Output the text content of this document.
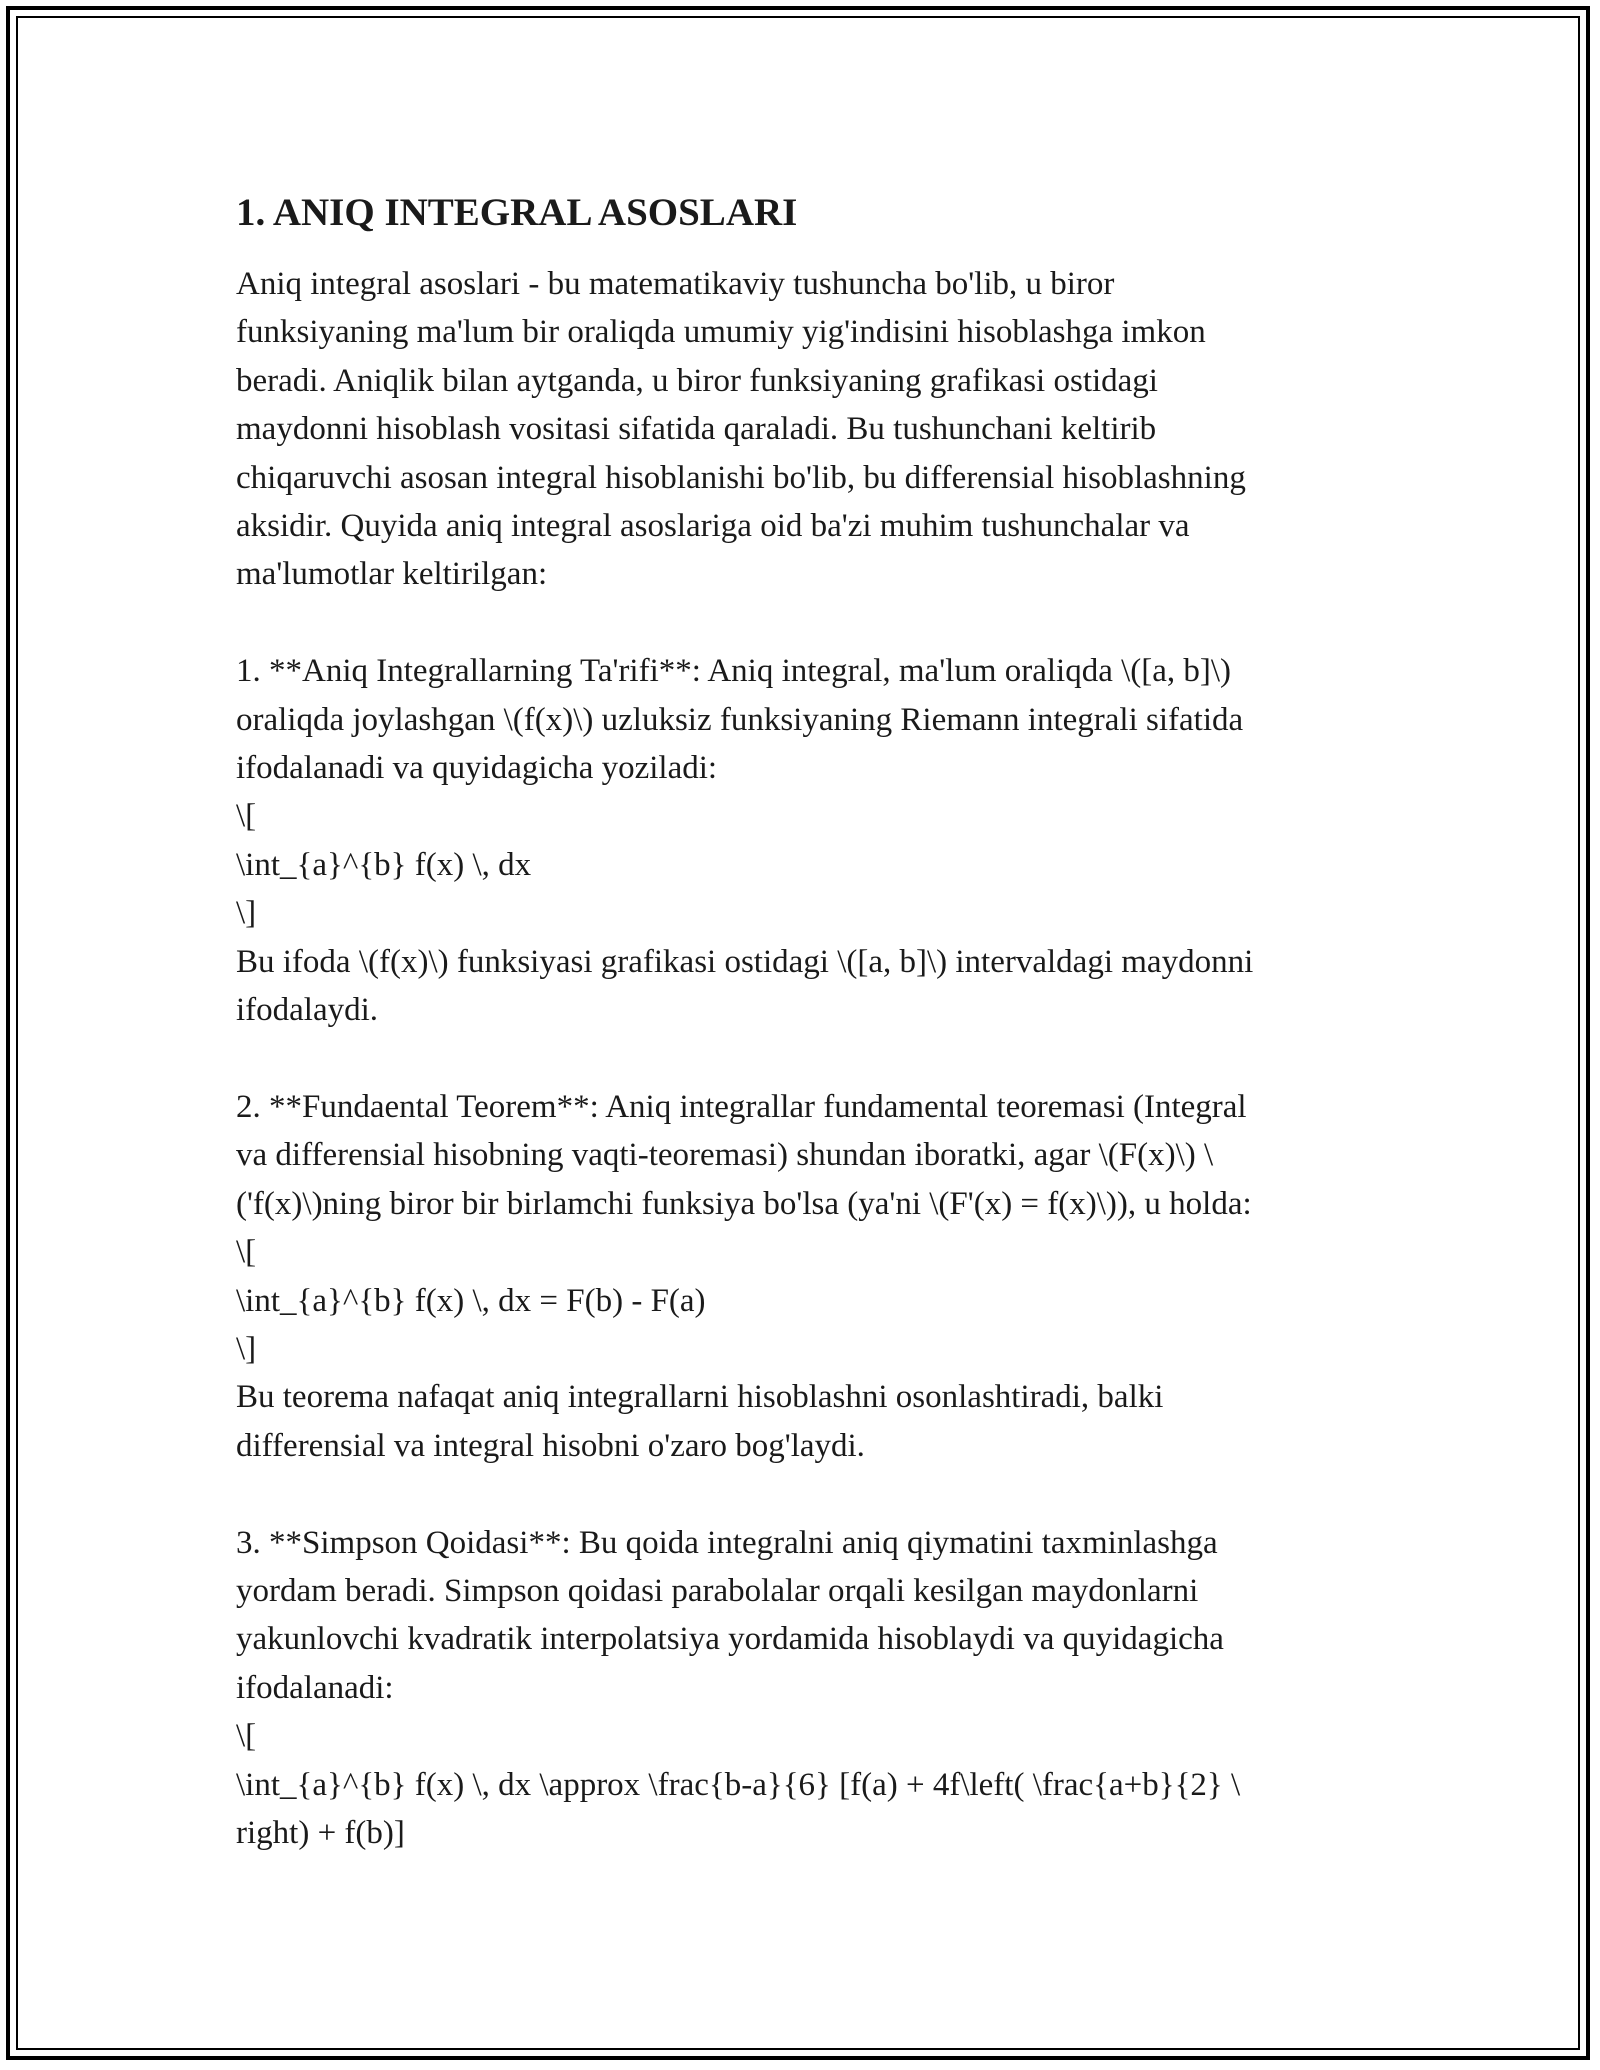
1. ANIQ INTEGRAL ASOSLARI
Aniq integral asoslari - bu matematikaviy tushuncha bo'lib, u biror
funksiyaning ma'lum bir oraliqda umumiy yig'indisini hisoblashga imkon
beradi. Aniqlik bilan aytganda, u biror funksiyaning grafikasi ostidagi
maydonni hisoblash vositasi sifatida qaraladi. Bu tushunchani keltirib
chiqaruvchi asosan integral hisoblanishi bo'lib, bu differensial hisoblashning
aksidir. Quyida aniq integral asoslariga oid ba'zi muhim tushunchalar va
ma'lumotlar keltirilgan:
1. **Aniq Integrallarning Ta'rifi**: Aniq integral, ma'lum oraliqda \([a, b]\)
oraliqda joylashgan \(f(x)\) uzluksiz funksiyaning Riemann integrali sifatida
ifodalanadi va quyidagicha yoziladi:
\[
\int_{a}^{b} f(x) \, dx
\]
Bu ifoda \(f(x)\) funksiyasi grafikasi ostidagi \([a, b]\) intervaldagi maydonni
ifodalaydi.
2. **Fundaental Teorem**: Aniq integrallar fundamental teoremasi (Integral
va differensial hisobning vaqti-teoremasi) shundan iboratki, agar \(F(x)\) \
('f(x)\)ning biror bir birlamchi funksiya bo'lsa (ya'ni \(F'(x) = f(x)\)), u holda:
\[
\int_{a}^{b} f(x) \, dx = F(b) - F(a)
\]
Bu teorema nafaqat aniq integrallarni hisoblashni osonlashtiradi, balki
differensial va integral hisobni o'zaro bog'laydi.
3. **Simpson Qoidasi**: Bu qoida integralni aniq qiymatini taxminlashga
yordam beradi. Simpson qoidasi parabolalar orqali kesilgan maydonlarni
yakunlovchi kvadratik interpolatsiya yordamida hisoblaydi va quyidagicha
ifodalanadi:
\[
\int_{a}^{b} f(x) \, dx \approx \frac{b-a}{6} [f(a) + 4f\left( \frac{a+b}{2} \
right) + f(b)]
